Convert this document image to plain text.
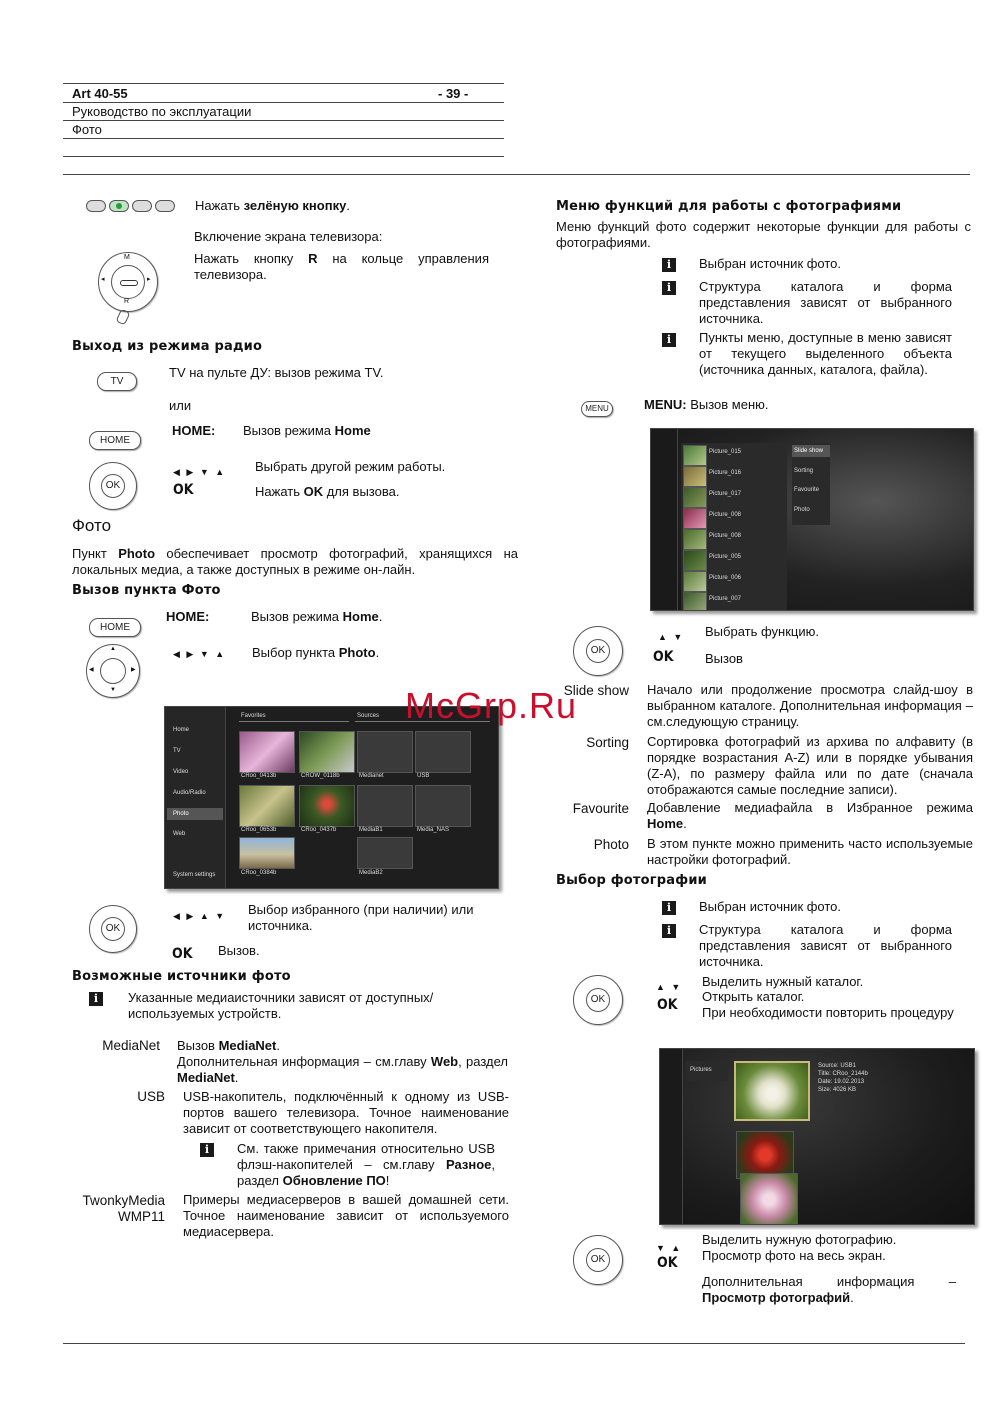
Art 40-55	- 39 -
Руководство по эксплуатации
Фото
Нажать зелёную кнопку.
Включение экрана телевизора:
Нажать кнопку R на кольце управления телевизора.
M
R
◂	▸
Выход из режима радио
TV
TV на пульте ДУ: вызов режима TV.
или
HOME
HOME: Вызов режима Home
OK
◀ ▶ ▼ ▲ Выбрать другой режим работы.
OK	Нажать OK для вызова.
Фото
Пункт Photo обеспечивает просмотр фотографий, хранящихся на локальных медиа, а также доступных в режиме он-лайн.
Вызов пункта Фото
HOME
HOME:	Вызов режима Home.
▲
▼
◀	▶
◀ ▶ ▼ ▲ Выбор пункта Photo.
Home
TV
Video
Audio/Radio
Photo
Web
System settings
Favorites	Sources
CRoo_0413b	CROW_0118b
CRoo_0653b	CRoo_0437b
CRoo_0384b
Medianet	USB
MediaB1	Media_NAS
MediaB2
OK
◀ ▶ ▲ ▼ Выбор избранного (при наличии) или источника.
OK Вызов.
Возможные источники фото
i	Указанные медиаисточники зависят от доступных/используемых устройств.
MediaNet Вызов MediaNet.
Дополнительная информация – см.главу Web, раздел MediaNet.
USB USB-накопитель, подключённый к одному из USB-портов вашего телевизора. Точное наименование зависит от соответствующего накопителя.
i	См. также примечания относительно USB флэш-накопителей – см.главу Разное, раздел Обновление ПО!
TwonkyMedia
WMP11
Примеры медиасерверов в вашей домашней сети. Точное наименование зависит от используемого медиасервера.
Меню функций для работы с фотографиями
Меню функций фото содержит некоторые функции для работы с фотографиями.
i	Выбран источник фото.
i	Структура каталога и форма представления зависят от выбранного источника.
i	Пункты меню, доступные в меню зависят от текущего выделенного объекта (источника данных, каталога, файла).
MENU	MENU: Вызов меню.
Picture_015
Picture_016
Picture_017
Picture_008
Picture_008
Picture_005
Picture_006
Picture_007
Slide show
Sorting
Favourite
Photo
OK
▲ ▼ Выбрать функцию.
OK Вызов
Slide show Начало или продолжение просмотра слайд-шоу в выбранном каталоге. Дополнительная информация – см.следующую страницу.
Sorting Сортировка фотографий из архива по алфавиту (в порядке возрастания A-Z) или в порядке убывания (Z-A), по размеру файла или по дате (сначала отображаются самые последние записи).
Favourite Добавление медиафайла в Избранное режима Home.
Photo В этом пункте можно применить часто используемые настройки фотографий.
Выбор фотографии
i	Выбран источник фото.
i	Структура каталога и форма представления зависят от выбранного источника.
OK
▲ ▼
OK
Выделить нужный каталог.
Открыть каталог.
При необходимости повторить процедуру
Pictures
Source: USB1
Title: CRoo_2144b
Date: 19.02.2013
Size: 4026 KB
OK
▼ ▲
OK
Выделить нужную фотографию.
Просмотр фото на весь экран.
Дополнительная информация – Просмотр фотографий.
McGrp.Ru
